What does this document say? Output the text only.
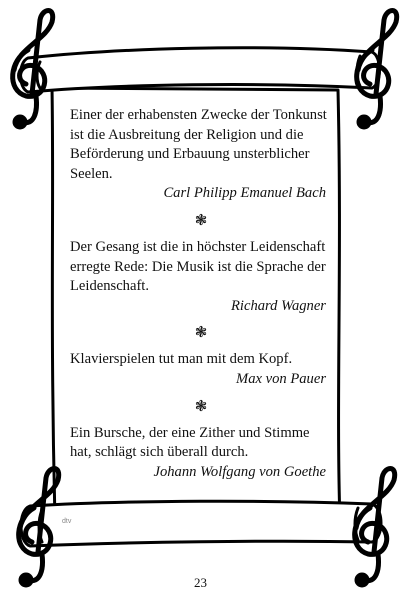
Einer der erhabensten Zwecke der Tonkunst ist die Ausbreitung der Religion und die Beförderung und Erbauung unsterblicher Seelen.
Carl Philipp Emanuel Bach
❃
Der Gesang ist die in höchster Leidenschaft erregte Rede: Die Musik ist die Sprache der Leidenschaft.
Richard Wagner
❃
Klavierspielen tut man mit dem Kopf.
Max von Pauer
❃
Ein Bursche, der eine Zither und Stimme hat, schlägt sich überall durch.
Johann Wolfgang von Goethe
dtv
23
